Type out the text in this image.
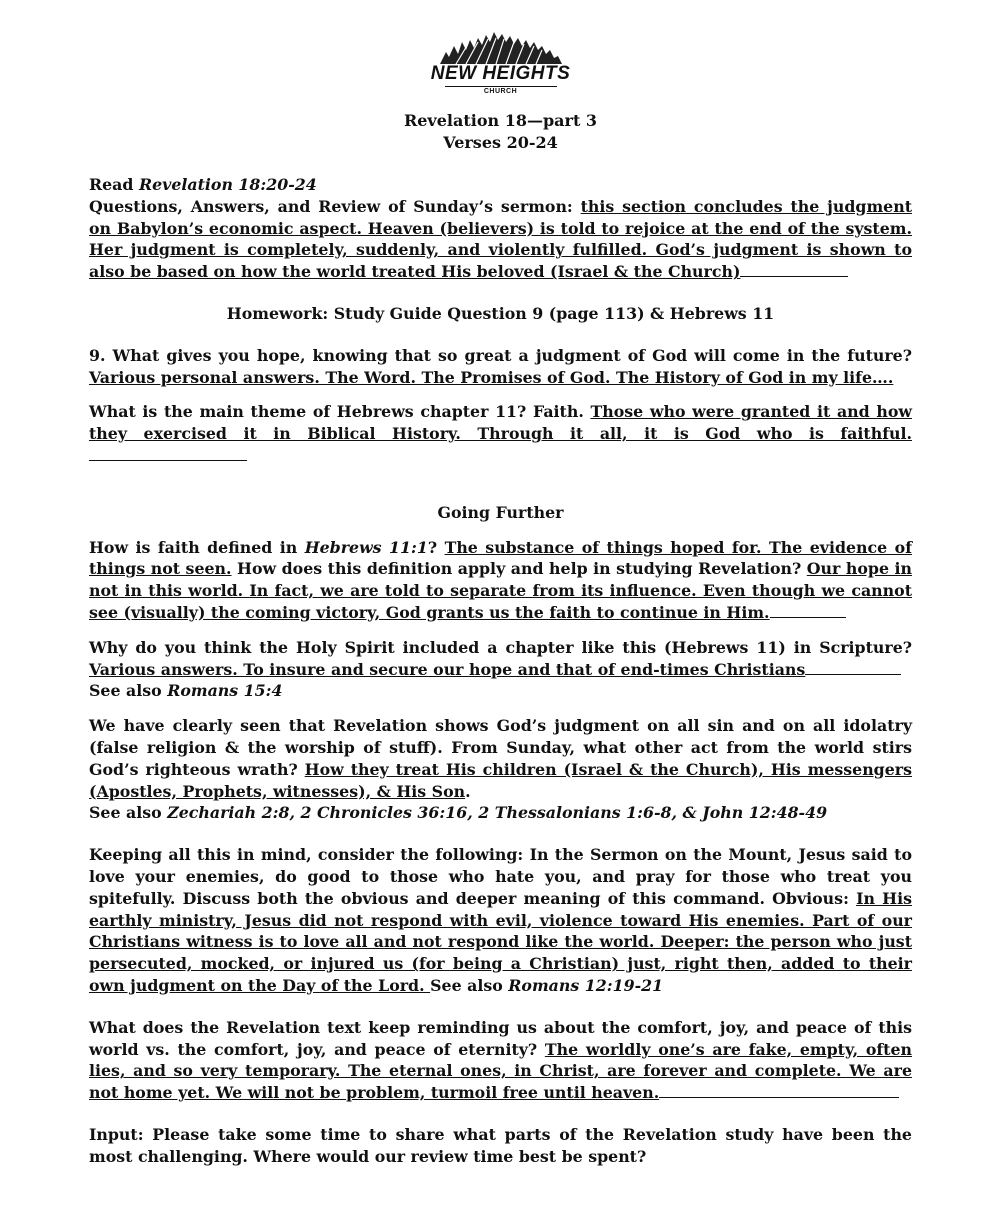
NEW HEIGHTS
CHURCH
Revelation 18—part 3
Verses 20-24

Read Revelation 18:20-24

Questions, Answers, and Review of Sunday’s sermon: this section concludes the judgment on Babylon’s economic aspect. Heaven (believers) is told to rejoice at the end of the system. Her judgment is completely, suddenly, and violently fulfilled. God’s judgment is shown to also be based on how the world treated His beloved (Israel & the Church)

Homework: Study Guide Question 9 (page 113) & Hebrews 11

9. What gives you hope, knowing that so great a judgment of God will come in the future? Various personal answers. The Word. The Promises of God. The History of God in my life….

What is the main theme of Hebrews chapter 11? Faith. Those who were granted it and how they exercised it in Biblical History. Through it all, it is God who is faithful.

Going Further

How is faith defined in Hebrews 11:1? The substance of things hoped for. The evidence of things not seen. How does this definition apply and help in studying Revelation? Our hope in not in this world. In fact, we are told to separate from its influence. Even though we cannot see (visually) the coming victory, God grants us the faith to continue in Him.

Why do you think the Holy Spirit included a chapter like this (Hebrews 11) in Scripture? Various answers. To insure and secure our hope and that of end-times Christians

See also Romans 15:4

We have clearly seen that Revelation shows God’s judgment on all sin and on all idolatry (false religion & the worship of stuff). From Sunday, what other act from the world stirs God’s righteous wrath? How they treat His children (Israel & the Church), His messengers (Apostles, Prophets, witnesses), & His Son.

See also Zechariah 2:8, 2 Chronicles 36:16, 2 Thessalonians 1:6-8, & John 12:48-49

Keeping all this in mind, consider the following: In the Sermon on the Mount, Jesus said to love your enemies, do good to those who hate you, and pray for those who treat you spitefully. Discuss both the obvious and deeper meaning of this command. Obvious: In His earthly ministry, Jesus did not respond with evil, violence toward His enemies. Part of our Christians witness is to love all and not respond like the world. Deeper: the person who just persecuted, mocked, or injured us (for being a Christian) just, right then, added to their own judgment on the Day of the Lord. See also Romans 12:19-21

What does the Revelation text keep reminding us about the comfort, joy, and peace of this world vs. the comfort, joy, and peace of eternity? The worldly one’s are fake, empty, often lies, and so very temporary. The eternal ones, in Christ, are forever and complete. We are not home yet. We will not be problem, turmoil free until heaven.

Input: Please take some time to share what parts of the Revelation study have been the most challenging. Where would our review time best be spent?
